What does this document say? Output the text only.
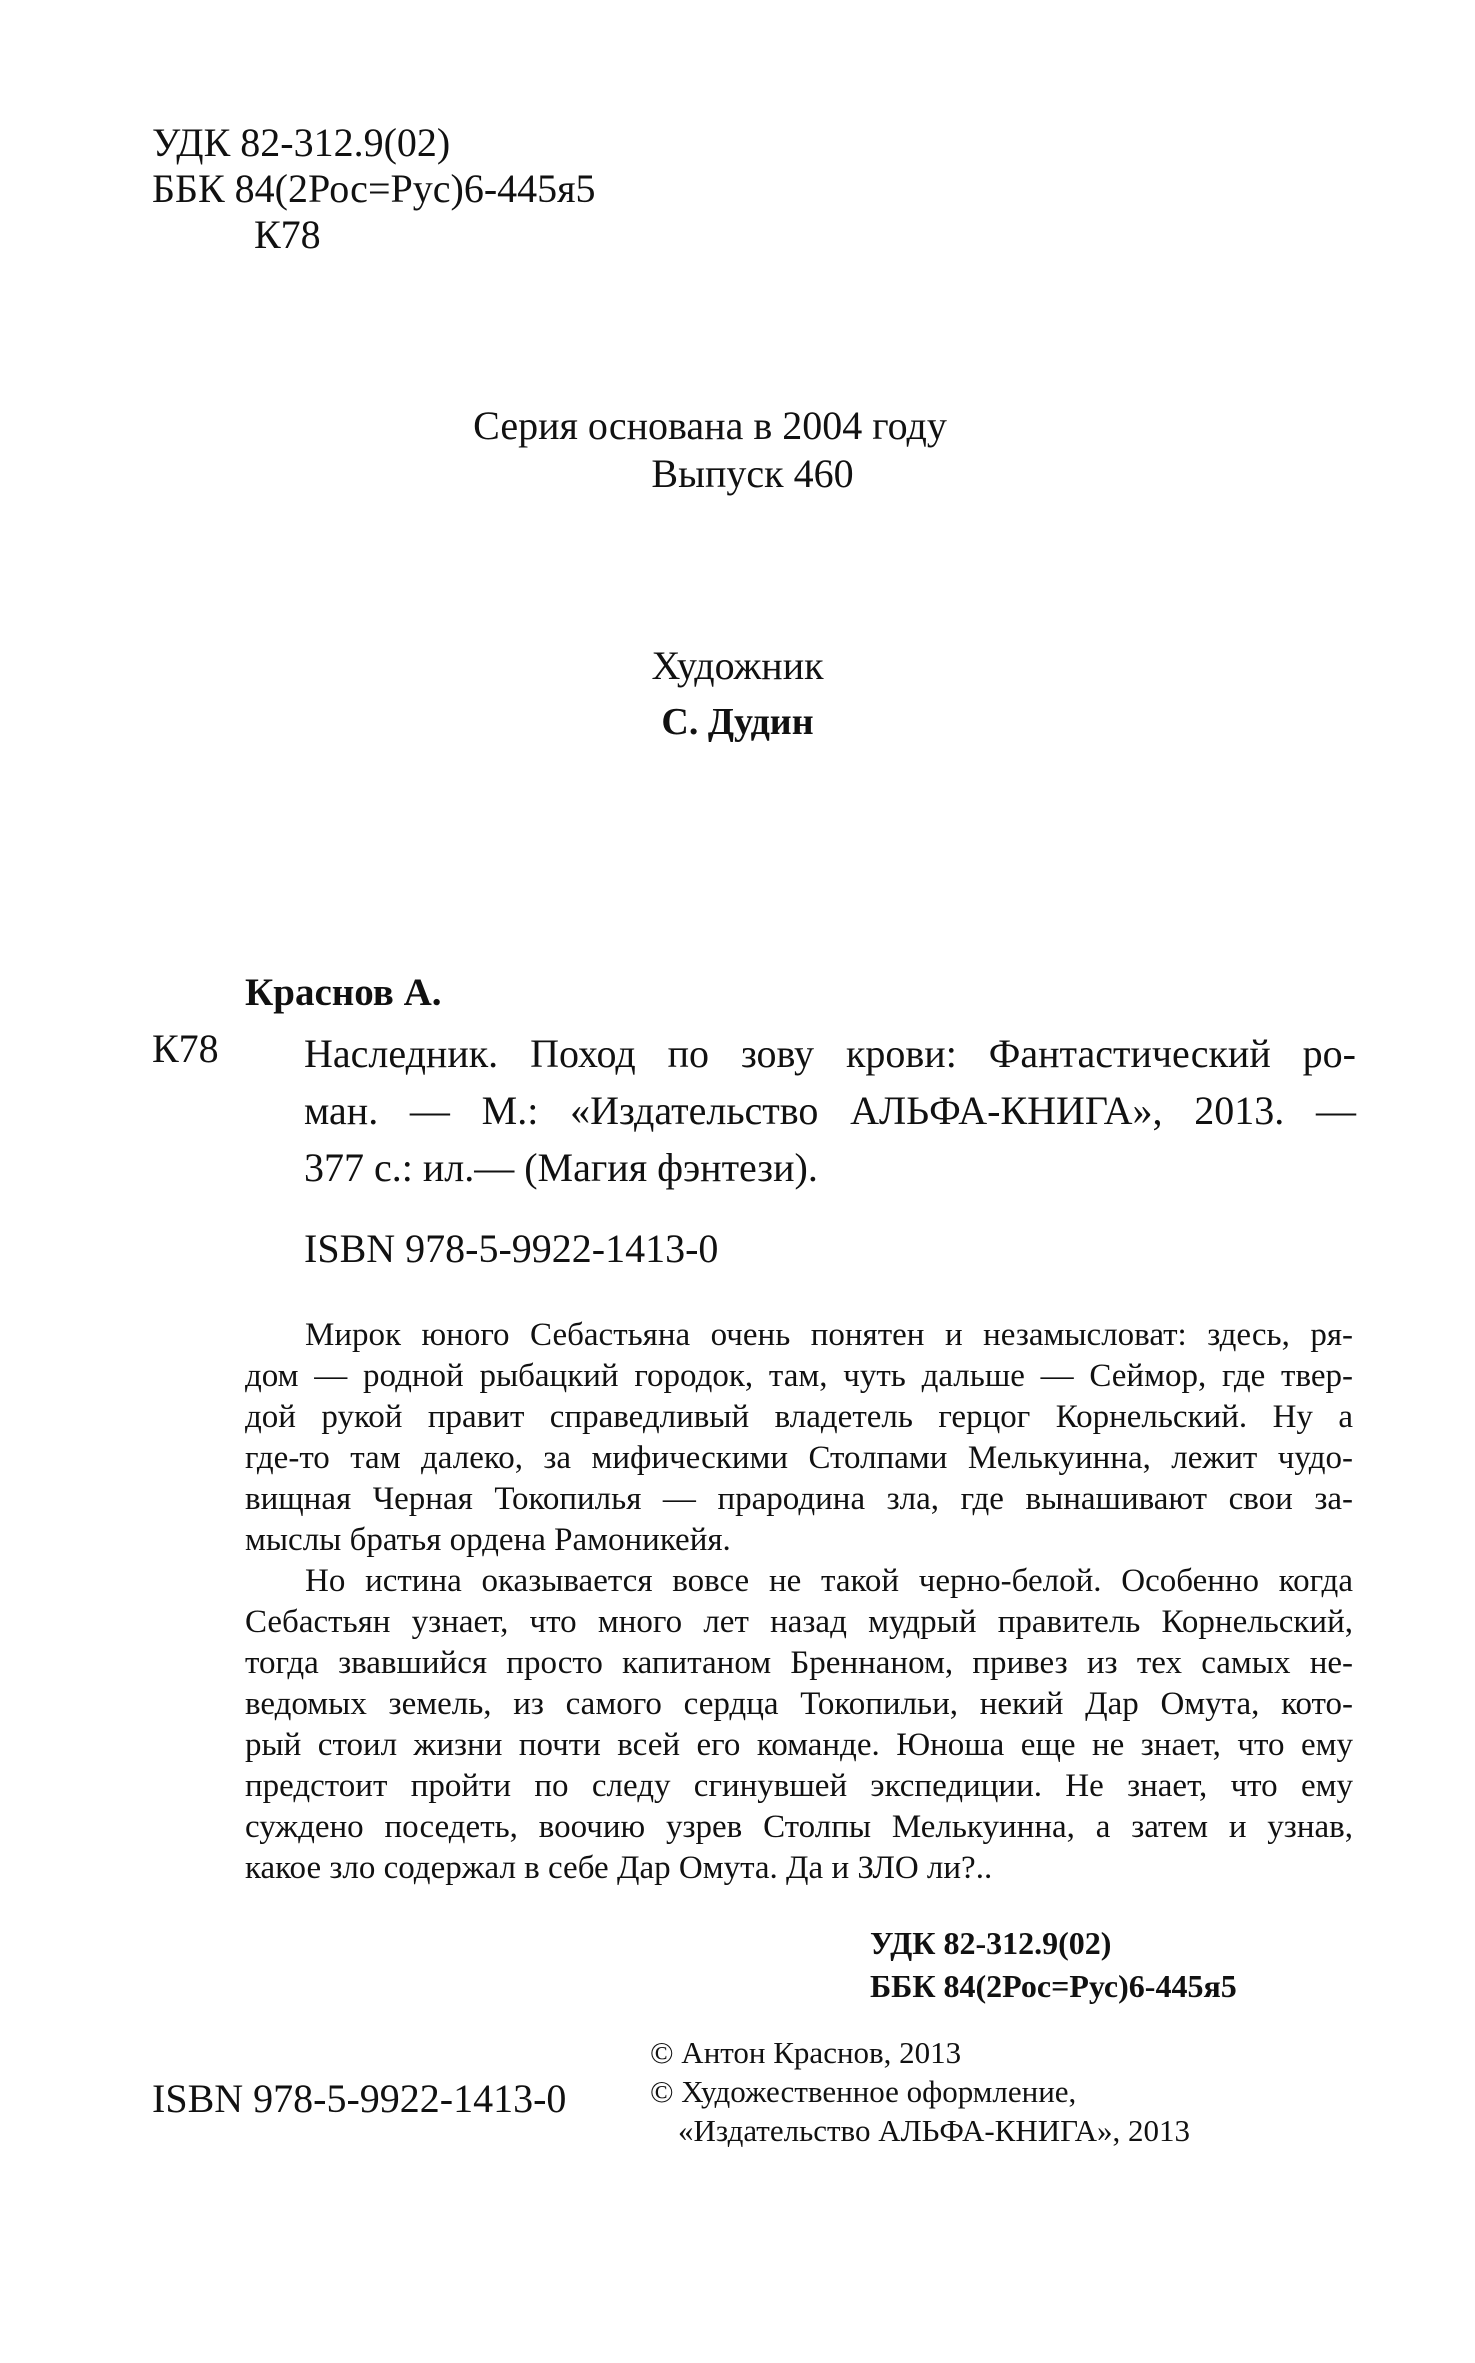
УДК 82-312.9(02)
ББК 84(2Рос=Рус)6-445я5
К78
Серия основана в 2004 году
Выпуск 460
Художник
С. Дудин
Краснов А.
К78 Наследник. Поход по зову крови: Фантастический ро-
ман. — М.: «Издательство АЛЬФА-КНИГА», 2013. —
377 с.: ил.— (Магия фэнтези).
ISBN 978-5-9922-1413-0
Мирок юного Себастьяна очень понятен и незамысловат: здесь, ря-
дом — родной рыбацкий городок, там, чуть дальше — Сеймор, где твер-
дой рукой правит справедливый владетель герцог Корнельский. Ну а
где-то там далеко, за мифическими Столпами Мелькуинна, лежит чудо-
вищная Черная Токопилья — прародина зла, где вынашивают свои за-
мыслы братья ордена Рамоникейя.
Но истина оказывается вовсе не такой черно-белой. Особенно когда
Себастьян узнает, что много лет назад мудрый правитель Корнельский,
тогда звавшийся просто капитаном Бреннаном, привез из тех самых не-
ведомых земель, из самого сердца Токопильи, некий Дар Омута, кото-
рый стоил жизни почти всей его команде. Юноша еще не знает, что ему
предстоит пройти по следу сгинувшей экспедиции. Не знает, что ему
суждено поседеть, воочию узрев Столпы Мелькуинна, а затем и узнав,
какое зло содержал в себе Дар Омута. Да и ЗЛО ли?..
УДК 82-312.9(02)
ББК 84(2Рос=Рус)6-445я5
© Антон Краснов, 2013
© Художественное оформление,
«Издательство АЛЬФА-КНИГА», 2013
ISBN 978-5-9922-1413-0
